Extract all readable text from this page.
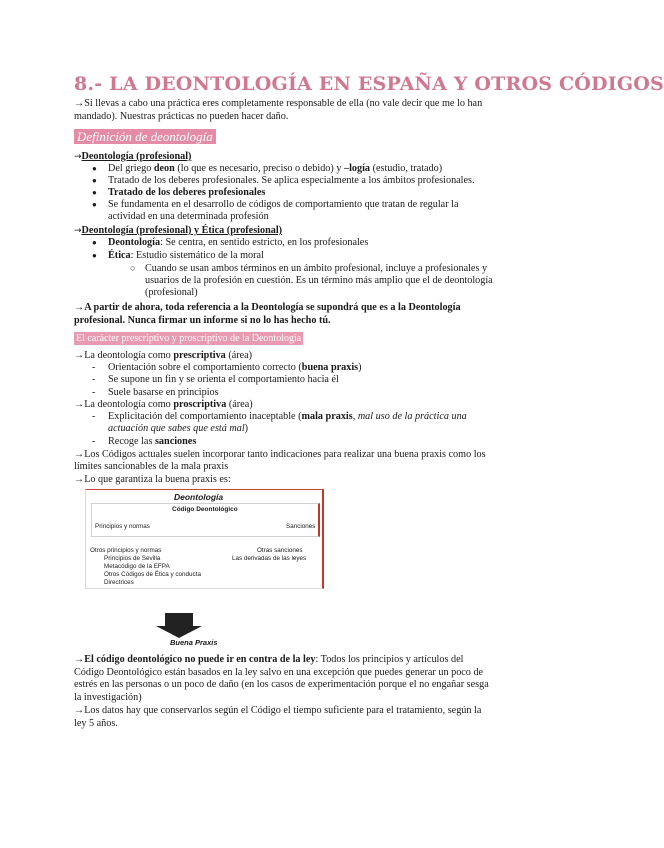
8.- LA DEONTOLOGÍA EN ESPAÑA Y OTROS CÓDIGOS
→Si llevas a cabo una práctica eres completamente responsable de ella (no vale decir que me lo han
mandado). Nuestras prácticas no pueden hacer daño.
Definición de deontología
→Deontología (profesional)
● Del griego deon (lo que es necesario, preciso o debido) y –logía (estudio, tratado)
● Tratado de los deberes profesionales. Se aplica especialmente a los ámbitos profesionales.
● Tratado de los deberes profesionales
● Se fundamenta en el desarrollo de códigos de comportamiento que tratan de regular la
actividad en una determinada profesión
→Deontología (profesional) y Ética (profesional)
● Deontología: Se centra, en sentido estricto, en los profesionales
● Ética: Estudio sistemático de la moral
○ Cuando se usan ambos términos en un ámbito profesional, incluye a profesionales y
usuarios de la profesión en cuestión. Es un término más amplio que el de deontología
(profesional)
→A partir de ahora, toda referencia a la Deontología se supondrá que es a la Deontología
profesional. Nunca firmar un informe si no lo has hecho tú.
El carácter prescriptivo y proscriptivo de la Deontología
→La deontología como prescriptiva (área)
- Orientación sobre el comportamiento correcto (buena praxis)
- Se supone un fin y se orienta el comportamiento hacia él
- Suele basarse en principios
→La deontología como proscriptiva (área)
- Explicitación del comportamiento inaceptable (mala praxis, mal uso de la práctica una
actuación que sabes que está mal)
- Recoge las sanciones
→Los Códigos actuales suelen incorporar tanto indicaciones para realizar una buena praxis como los
límites sancionables de la mala praxis
→Lo que garantiza la buena praxis es:
Deontología
Código Deontológico
Principios y normas	Sanciones
Otros principios y normas	Otras sanciones
Principios de Sevilla
Metacódigo de la EFPA
Otros Códigos de Ética y conducta
Directrices
Las derivadas de las leyes
Buena Praxis
→El código deontológico no puede ir en contra de la ley: Todos los principios y artículos del
Código Deontológico están basados en la ley salvo en una excepción que puedes generar un poco de
estrés en las personas o un poco de daño (en los casos de experimentación porque el no engañar sesga
la investigación)
→Los datos hay que conservarlos según el Código el tiempo suficiente para el tratamiento, según la
ley 5 años.
